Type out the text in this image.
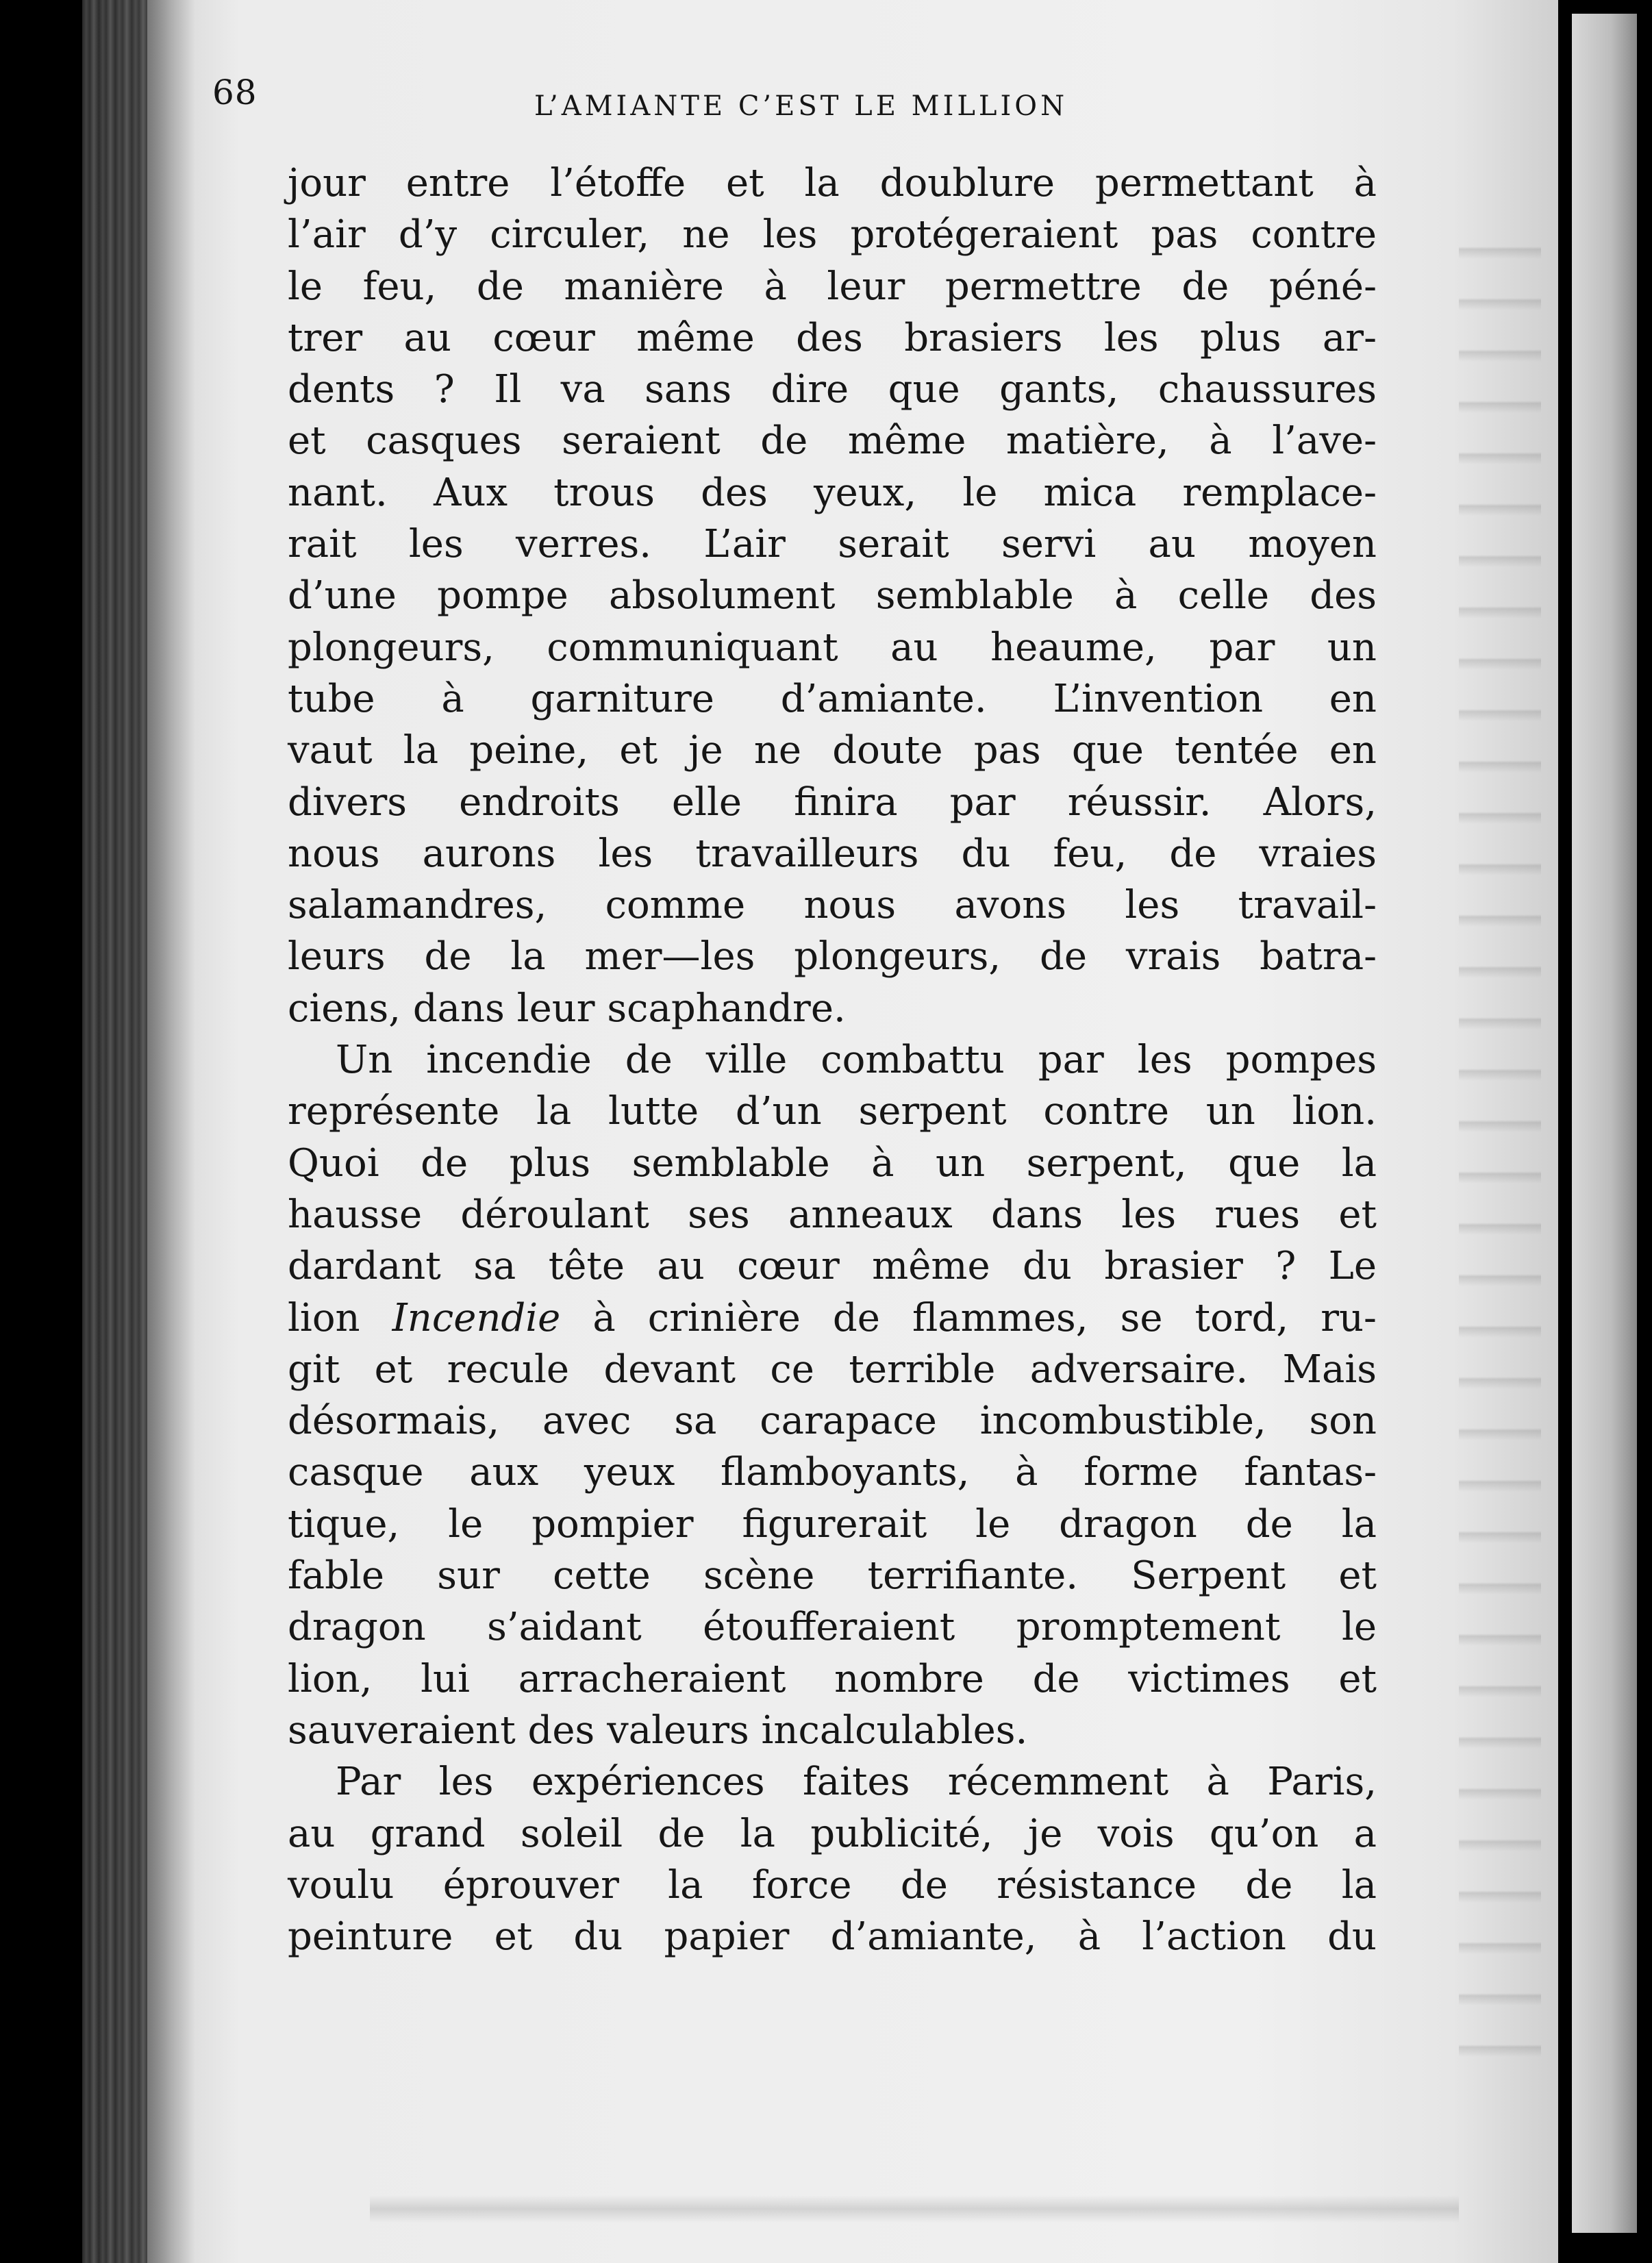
68	L’AMIANTE C’EST LE MILLION
jour entre l’étoffe et la doublure permettant à
l’air d’y circuler, ne les protégeraient pas contre
le feu, de manière à leur permettre de péné-
trer au cœur même des brasiers les plus ar-
dents ? Il va sans dire que gants, chaussures
et casques seraient de même matière, à l’ave-
nant. Aux trous des yeux, le mica remplace-
rait les verres. L’air serait servi au moyen
d’une pompe absolument semblable à celle des
plongeurs, communiquant au heaume, par un
tube à garniture d’amiante. L’invention en
vaut la peine, et je ne doute pas que tentée en
divers endroits elle finira par réussir. Alors,
nous aurons les travailleurs du feu, de vraies
salamandres, comme nous avons les travail-
leurs de la mer—les plongeurs, de vrais batra-
ciens, dans leur scaphandre.
Un incendie de ville combattu par les pompes
représente la lutte d’un serpent contre un lion.
Quoi de plus semblable à un serpent, que la
hausse déroulant ses anneaux dans les rues et
dardant sa tête au cœur même du brasier ? Le
lion Incendie à crinière de flammes, se tord, ru-
git et recule devant ce terrible adversaire. Mais
désormais, avec sa carapace incombustible, son
casque aux yeux flamboyants, à forme fantas-
tique, le pompier figurerait le dragon de la
fable sur cette scène terrifiante. Serpent et
dragon s’aidant étoufferaient promptement le
lion, lui arracheraient nombre de victimes et
sauveraient des valeurs incalculables.
Par les expériences faites récemment à Paris,
au grand soleil de la publicité, je vois qu’on a
voulu éprouver la force de résistance de la
peinture et du papier d’amiante, à l’action du
